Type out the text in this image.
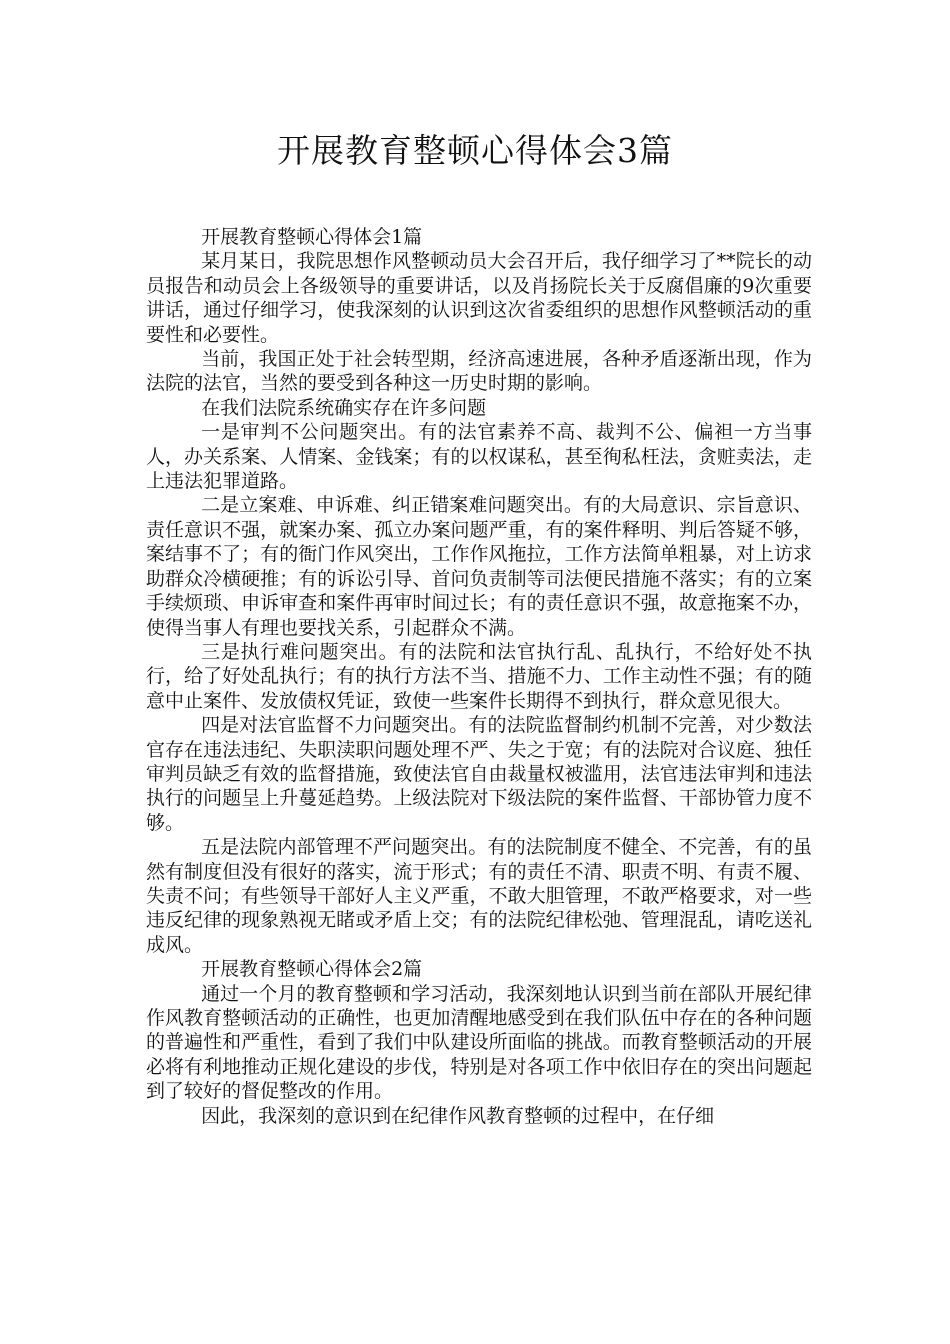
开展教育整顿心得体会3篇

开展教育整顿心得体会1篇

某月某日，我院思想作风整顿动员大会召开后，我仔细学习了**院长的动员报告和动员会上各级领导的重要讲话，以及肖扬院长关于反腐倡廉的9次重要讲话，通过仔细学习，使我深刻的认识到这次省委组织的思想作风整顿活动的重要性和必要性。

当前，我国正处于社会转型期，经济高速进展，各种矛盾逐渐出现，作为法院的法官，当然的要受到各种这一历史时期的影响。

在我们法院系统确实存在许多问题

一是审判不公问题突出。有的法官素养不高、裁判不公、偏袒一方当事人，办关系案、人情案、金钱案；有的以权谋私，甚至徇私枉法，贪赃卖法，走上违法犯罪道路。

二是立案难、申诉难、纠正错案难问题突出。有的大局意识、宗旨意识、责任意识不强，就案办案、孤立办案问题严重，有的案件释明、判后答疑不够，案结事不了；有的衙门作风突出，工作作风拖拉，工作方法简单粗暴，对上访求助群众冷横硬推；有的诉讼引导、首问负责制等司法便民措施不落实；有的立案手续烦琐、申诉审查和案件再审时间过长；有的责任意识不强，故意拖案不办，使得当事人有理也要找关系，引起群众不满。

三是执行难问题突出。有的法院和法官执行乱、乱执行，不给好处不执行，给了好处乱执行；有的执行方法不当、措施不力、工作主动性不强；有的随意中止案件、发放债权凭证，致使一些案件长期得不到执行，群众意见很大。

四是对法官监督不力问题突出。有的法院监督制约机制不完善，对少数法官存在违法违纪、失职渎职问题处理不严、失之于宽；有的法院对合议庭、独任审判员缺乏有效的监督措施，致使法官自由裁量权被滥用，法官违法审判和违法执行的问题呈上升蔓延趋势。上级法院对下级法院的案件监督、干部协管力度不够。

五是法院内部管理不严问题突出。有的法院制度不健全、不完善，有的虽然有制度但没有很好的落实，流于形式；有的责任不清、职责不明、有责不履、失责不问；有些领导干部好人主义严重，不敢大胆管理，不敢严格要求，对一些违反纪律的现象熟视无睹或矛盾上交；有的法院纪律松弛、管理混乱，请吃送礼成风。

开展教育整顿心得体会2篇

通过一个月的教育整顿和学习活动，我深刻地认识到当前在部队开展纪律作风教育整顿活动的正确性，也更加清醒地感受到在我们队伍中存在的各种问题的普遍性和严重性，看到了我们中队建设所面临的挑战。而教育整顿活动的开展必将有利地推动正规化建设的步伐，特别是对各项工作中依旧存在的突出问题起到了较好的督促整改的作用。

因此，我深刻的意识到在纪律作风教育整顿的过程中，在仔细
